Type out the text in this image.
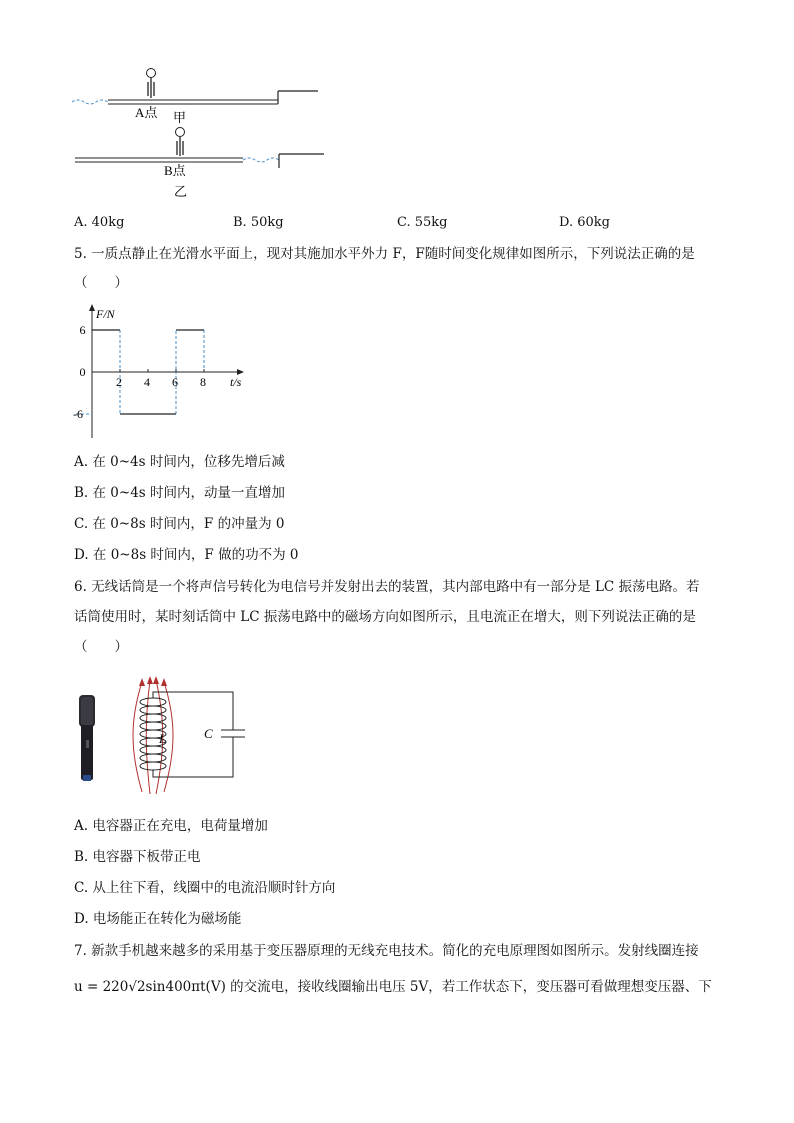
A点 甲
B点
乙
A. 40kg	B. 50kg	C. 55kg	D. 60kg
5. 一质点静止在光滑水平面上，现对其施加水平外力 F，F随时间变化规律如图所示，下列说法正确的是
（　　）
2 4 6 8
6
0
-6
F/N
t/s
A. 在 0~4s 时间内，位移先增后减
B. 在 0~4s 时间内，动量一直增加
C. 在 0~8s 时间内，F 的冲量为 0
D. 在 0~8s 时间内，F 做的功不为 0
6. 无线话筒是一个将声信号转化为电信号并发射出去的装置，其内部电路中有一部分是 LC 振荡电路。若
话筒使用时，某时刻话筒中 LC 振荡电路中的磁场方向如图所示，且电流正在增大，则下列说法正确的是
（　　）
L	C
A. 电容器正在充电，电荷量增加
B. 电容器下板带正电
C. 从上往下看，线圈中的电流沿顺时针方向
D. 电场能正在转化为磁场能
7. 新款手机越来越多的采用基于变压器原理的无线充电技术。简化的充电原理图如图所示。发射线圈连接
u = 220√2sin400πt(V) 的交流电，接收线圈输出电压 5V，若工作状态下，变压器可看做理想变压器、下
